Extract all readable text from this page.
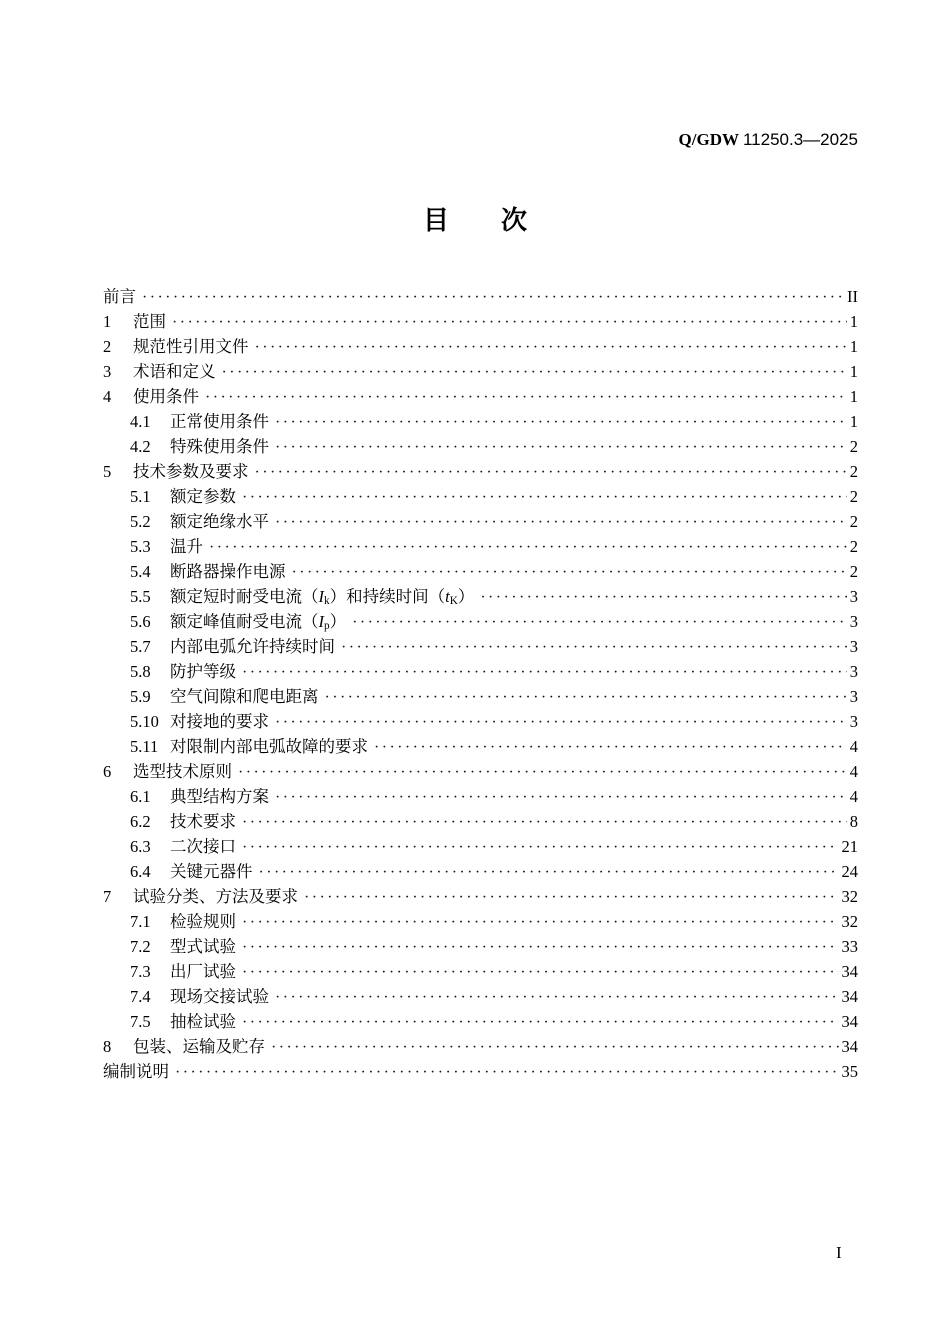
Q/GDW 11250.3—2025
目次
前言 ·····	II
1	范围 ·····	1
2	规范性引用文件 ·····	1
3	术语和定义 ·····	1
4	使用条件 ·····	1
4.1	正常使用条件 ·····	1
4.2	特殊使用条件 ·····	2
5	技术参数及要求 ·····	2
5.1	额定参数 ·····	2
5.2	额定绝缘水平 ·····	2
5.3	温升 ·····	2
5.4	断路器操作电源 ·····	2
5.5	额定短时耐受电流（Ik）和持续时间（tK） ·····	3
5.6	额定峰值耐受电流（Ip） ·····	3
5.7	内部电弧允许持续时间 ·····	3
5.8	防护等级 ·····	3
5.9	空气间隙和爬电距离 ·····	3
5.10 对接地的要求 ·····	3
5.11 对限制内部电弧故障的要求 ·····	4
6	选型技术原则 ·····	4
6.1	典型结构方案 ·····	4
6.2	技术要求 ·····	8
6.3	二次接口 ·····	21
6.4	关键元器件 ·····	24
7	试验分类、方法及要求 ·····	32
7.1	检验规则 ·····	32
7.2	型式试验 ·····	33
7.3	出厂试验 ·····	34
7.4	现场交接试验 ·····	34
7.5	抽检试验 ·····	34
8	包装、运输及贮存 ·····	34
编制说明 ·····	35
I
